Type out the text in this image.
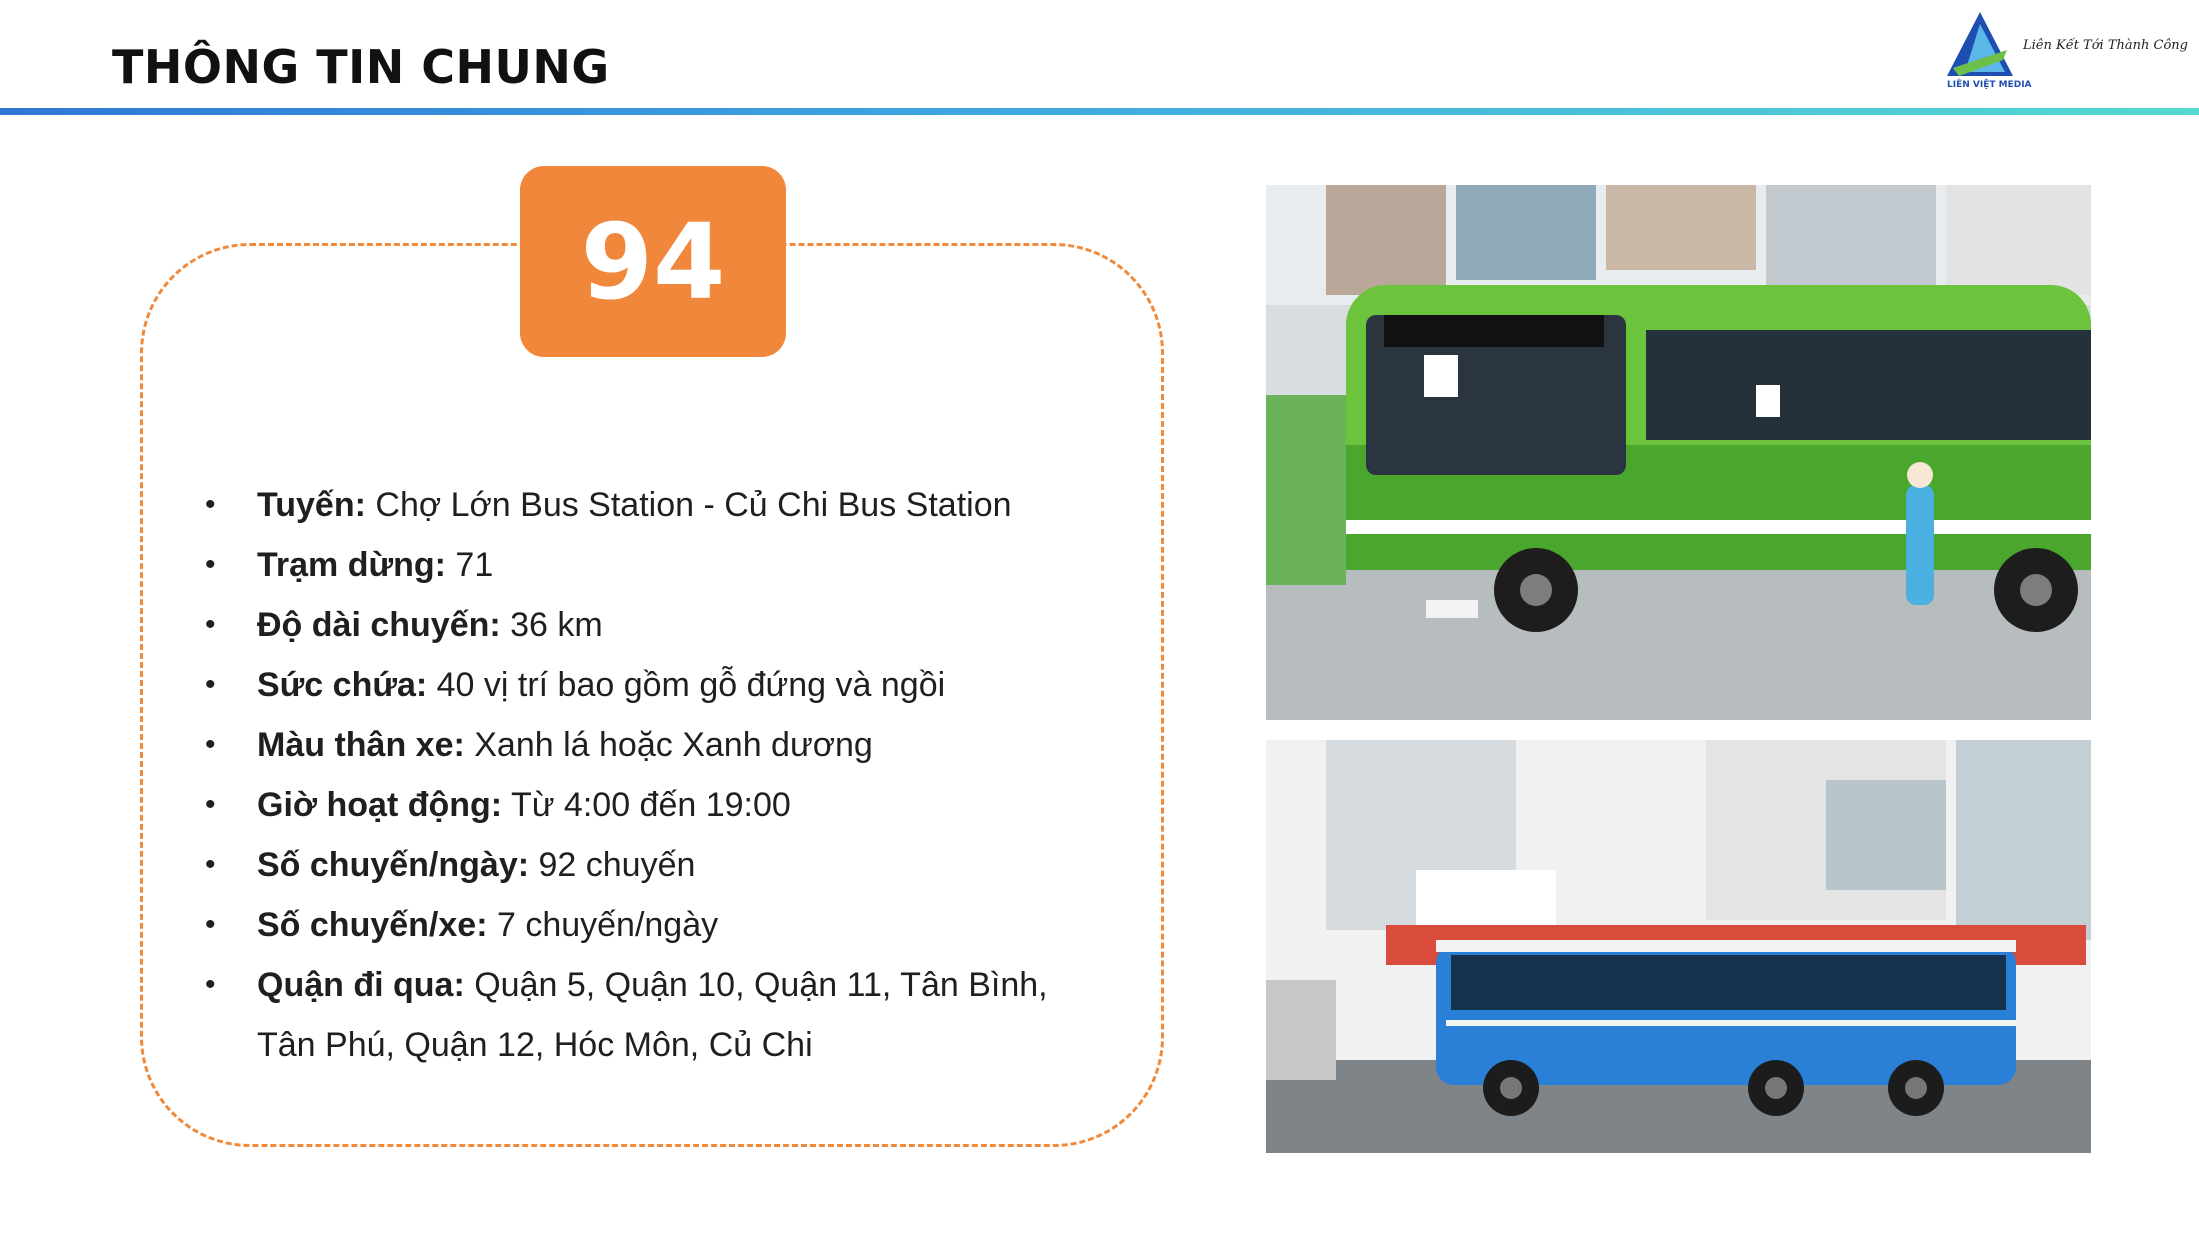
THÔNG TIN CHUNG	Liên Kết Tới Thành Công
LIÊN VIỆT MEDIA
94
• Tuyến: Chợ Lớn Bus Station - Củ Chi Bus Station
• Trạm dừng: 71
• Độ dài chuyến: 36 km
• Sức chứa: 40 vị trí bao gồm gỗ đứng và ngồi
• Màu thân xe: Xanh lá hoặc Xanh dương
• Giờ hoạt động: Từ 4:00 đến 19:00
• Số chuyến/ngày: 92 chuyến
• Số chuyến/xe: 7 chuyến/ngày
• Quận đi qua: Quận 5, Quận 10, Quận 11, Tân Bình, Tân Phú, Quận 12, Hóc Môn, Củ Chi
